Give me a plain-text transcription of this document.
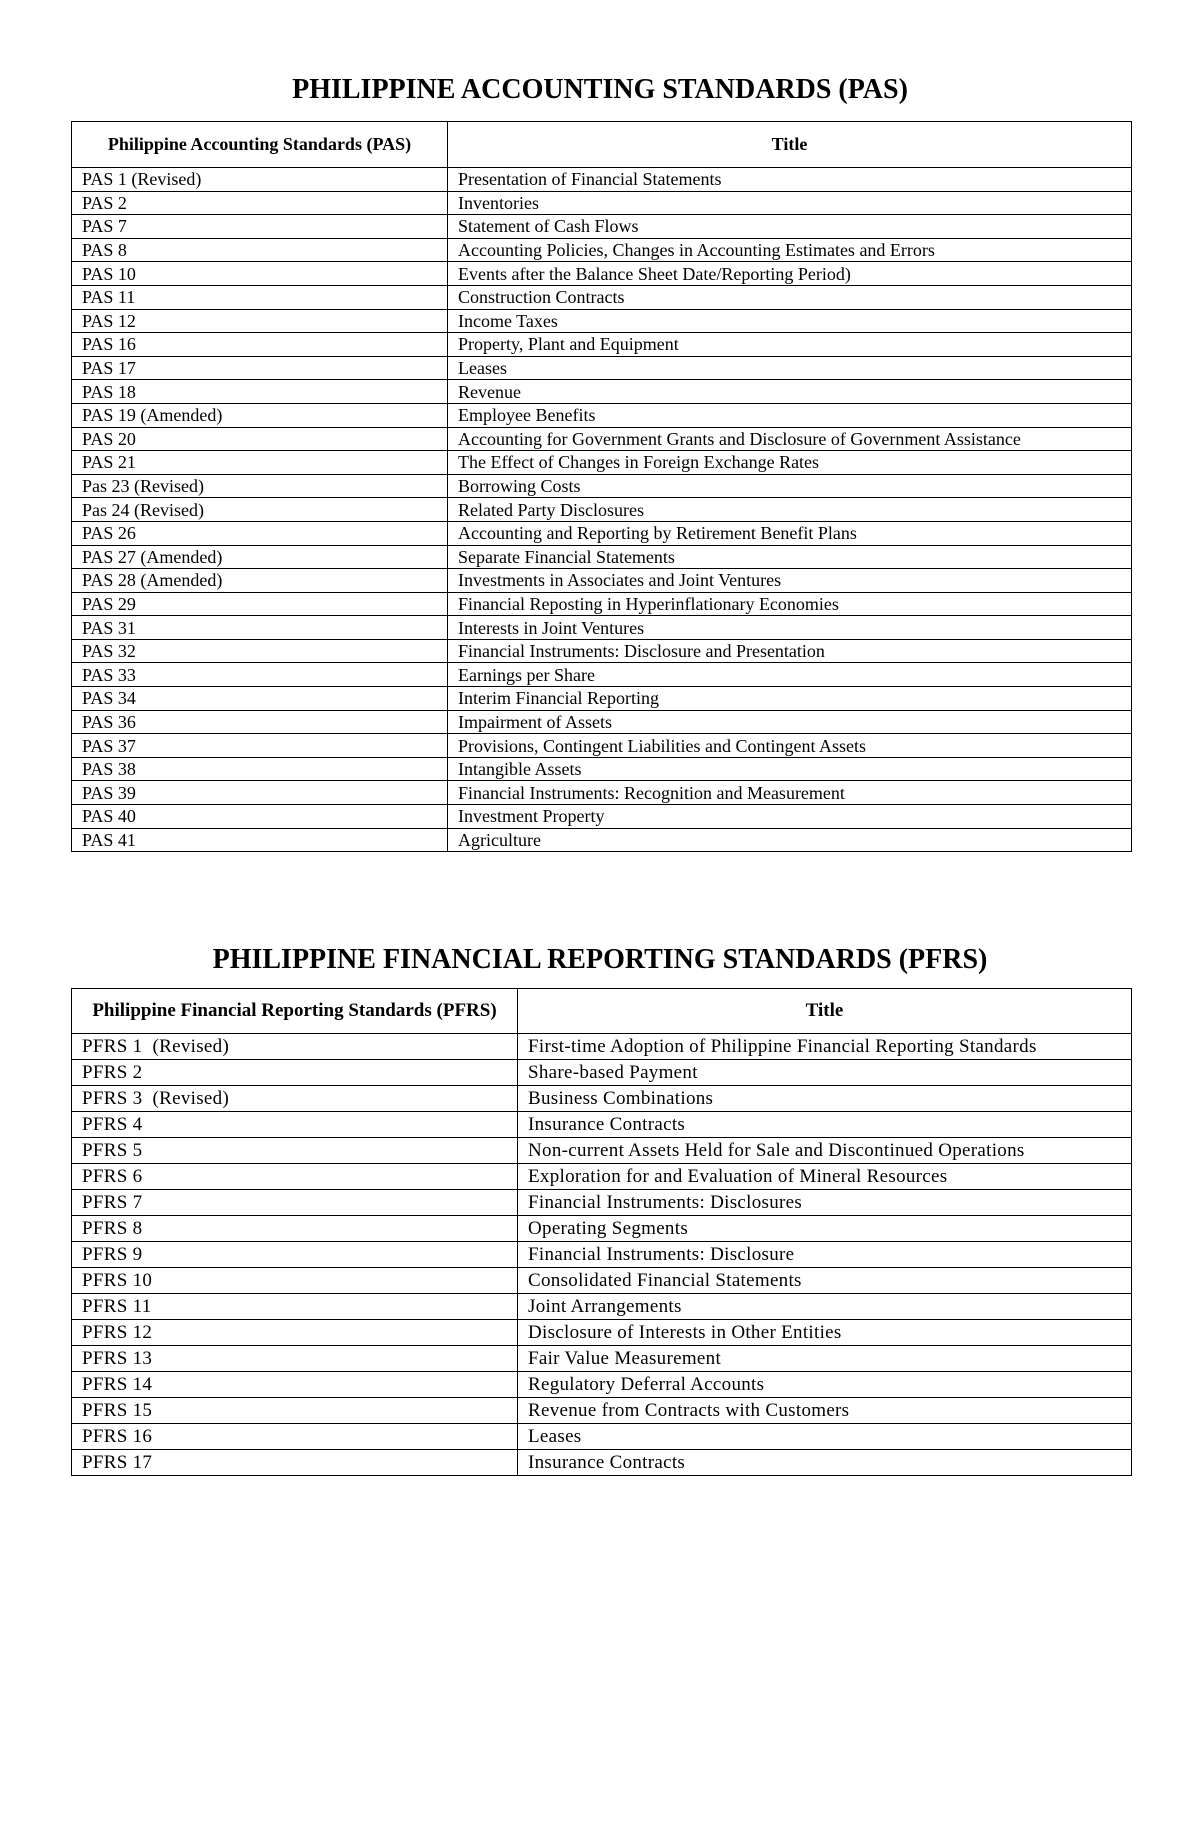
PHILIPPINE ACCOUNTING STANDARDS (PAS)
Philippine Accounting Standards (PAS)	Title
PAS 1 (Revised)	Presentation of Financial Statements
PAS 2	Inventories
PAS 7	Statement of Cash Flows
PAS 8	Accounting Policies, Changes in Accounting Estimates and Errors
PAS 10	Events after the Balance Sheet Date/Reporting Period)
PAS 11	Construction Contracts
PAS 12	Income Taxes
PAS 16	Property, Plant and Equipment
PAS 17	Leases
PAS 18	Revenue
PAS 19 (Amended)	Employee Benefits
PAS 20	Accounting for Government Grants and Disclosure of Government Assistance
PAS 21	The Effect of Changes in Foreign Exchange Rates
Pas 23 (Revised)	Borrowing Costs
Pas 24 (Revised)	Related Party Disclosures
PAS 26	Accounting and Reporting by Retirement Benefit Plans
PAS 27 (Amended)	Separate Financial Statements
PAS 28 (Amended)	Investments in Associates and Joint Ventures
PAS 29	Financial Reposting in Hyperinflationary Economies
PAS 31	Interests in Joint Ventures
PAS 32	Financial Instruments: Disclosure and Presentation
PAS 33	Earnings per Share
PAS 34	Interim Financial Reporting
PAS 36	Impairment of Assets
PAS 37	Provisions, Contingent Liabilities and Contingent Assets
PAS 38	Intangible Assets
PAS 39	Financial Instruments: Recognition and Measurement
PAS 40	Investment Property
PAS 41	Agriculture
PHILIPPINE FINANCIAL REPORTING STANDARDS (PFRS)
Philippine Financial Reporting Standards (PFRS)	Title
PFRS 1  (Revised)	First-time Adoption of Philippine Financial Reporting Standards
PFRS 2	Share-based Payment
PFRS 3  (Revised)	Business Combinations
PFRS 4	Insurance Contracts
PFRS 5	Non-current Assets Held for Sale and Discontinued Operations
PFRS 6	Exploration for and Evaluation of Mineral Resources
PFRS 7	Financial Instruments: Disclosures
PFRS 8	Operating Segments
PFRS 9	Financial Instruments: Disclosure
PFRS 10	Consolidated Financial Statements
PFRS 11	Joint Arrangements
PFRS 12	Disclosure of Interests in Other Entities
PFRS 13	Fair Value Measurement
PFRS 14	Regulatory Deferral Accounts
PFRS 15	Revenue from Contracts with Customers
PFRS 16	Leases
PFRS 17	Insurance Contracts
